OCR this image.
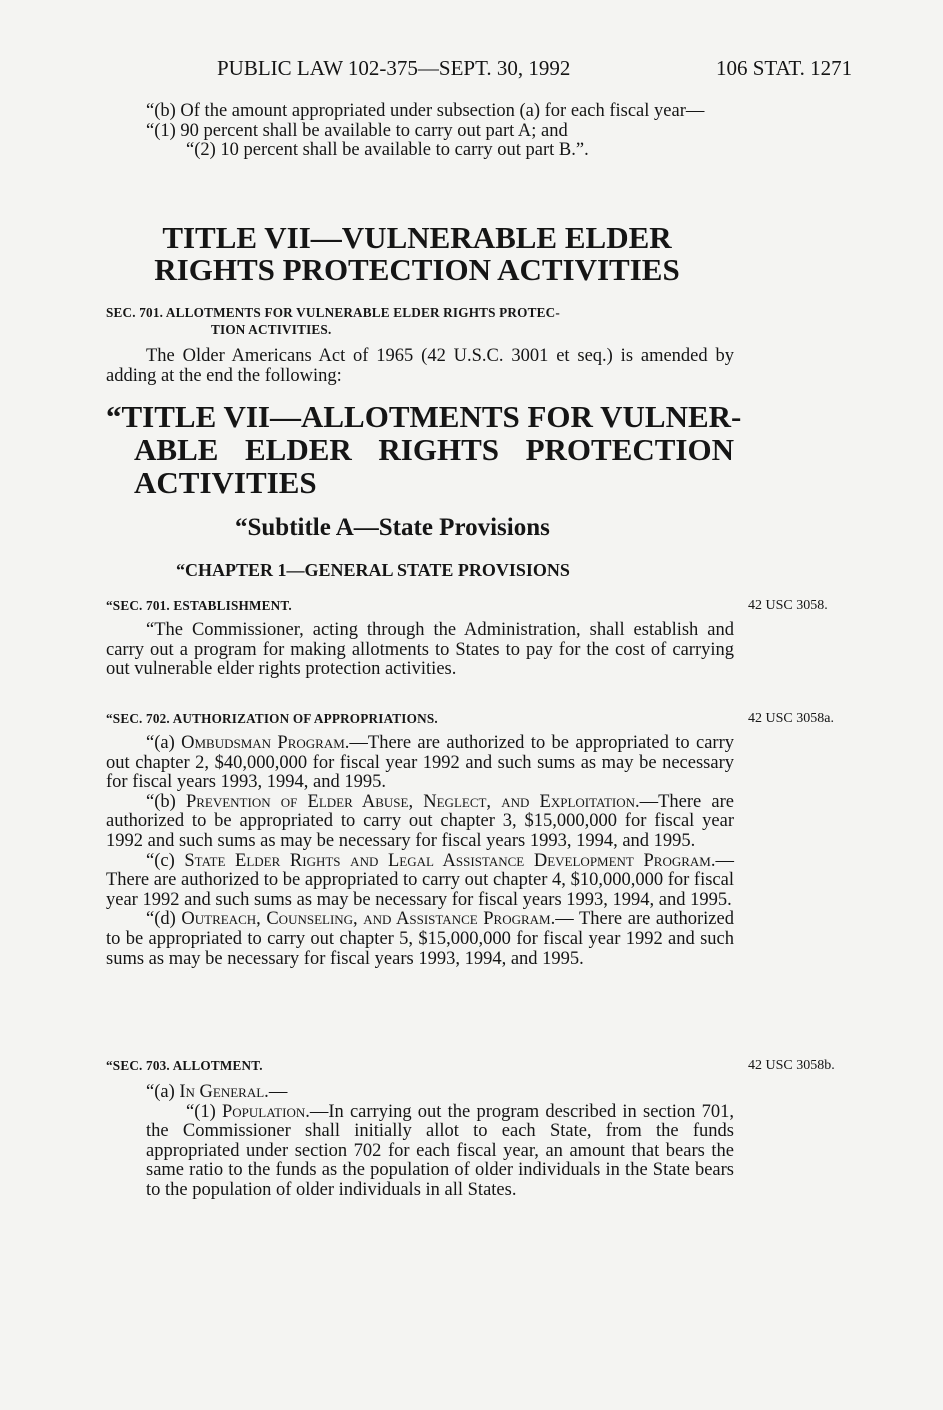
PUBLIC LAW 102-375—SEPT. 30, 1992	106 STAT. 1271

“(b) Of the amount appropriated under subsection (a) for each fiscal year—

“(1) 90 percent shall be available to carry out part A; and

“(2) 10 percent shall be available to carry out part B.”.

TITLE VII—VULNERABLE ELDER
RIGHTS PROTECTION ACTIVITIES
SEC. 701. ALLOTMENTS FOR VULNERABLE ELDER RIGHTS PROTEC-
TION ACTIVITIES.

The Older Americans Act of 1965 (42 U.S.C. 3001 et seq.) is amended by adding at the end the following:

“TITLE VII—ALLOTMENTS FOR VULNER-
ABLE ELDER RIGHTS PROTECTION
ACTIVITIES
“Subtitle A—State Provisions
“CHAPTER 1—GENERAL STATE PROVISIONS
“SEC. 701. ESTABLISHMENT.	42 USC 3058.

“The Commissioner, acting through the Administration, shall establish and carry out a program for making allotments to States to pay for the cost of carrying out vulnerable elder rights protection activities.

“SEC. 702. AUTHORIZATION OF APPROPRIATIONS.	42 USC 3058a.

“(a) Ombudsman Program.—There are authorized to be appropriated to carry out chapter 2, $40,000,000 for fiscal year 1992 and such sums as may be necessary for fiscal years 1993, 1994, and 1995.

“(b) Prevention of Elder Abuse, Neglect, and Exploitation.—There are authorized to be appropriated to carry out chapter 3, $15,000,000 for fiscal year 1992 and such sums as may be necessary for fiscal years 1993, 1994, and 1995.

“(c) State Elder Rights and Legal Assistance Development Program.—There are authorized to be appropriated to carry out chapter 4, $10,000,000 for fiscal year 1992 and such sums as may be necessary for fiscal years 1993, 1994, and 1995.

“(d) Outreach, Counseling, and Assistance Program.— There are authorized to be appropriated to carry out chapter 5, $15,000,000 for fiscal year 1992 and such sums as may be necessary for fiscal years 1993, 1994, and 1995.

“SEC. 703. ALLOTMENT.	42 USC 3058b.

“(a) In General.—

“(1) Population.—In carrying out the program described in section 701, the Commissioner shall initially allot to each State, from the funds appropriated under section 702 for each fiscal year, an amount that bears the same ratio to the funds as the population of older individuals in the State bears to the population of older individuals in all States.
